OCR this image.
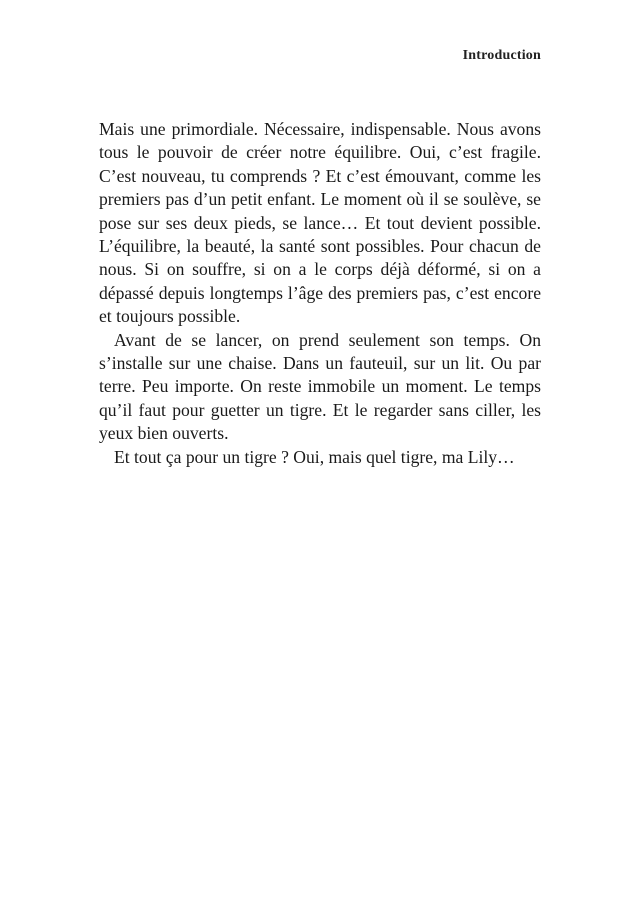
Introduction

Mais une primordiale. Nécessaire, indispensable. Nous avons tous le pouvoir de créer notre équilibre. Oui, c’est fragile. C’est nouveau, tu comprends ? Et c’est émouvant, comme les premiers pas d’un petit enfant. Le moment où il se soulève, se pose sur ses deux pieds, se lance… Et tout devient possible. L’équilibre, la beauté, la santé sont possibles. Pour chacun de nous. Si on souffre, si on a le corps déjà déformé, si on a dépassé depuis longtemps l’âge des premiers pas, c’est encore et toujours possible.

Avant de se lancer, on prend seulement son temps. On s’installe sur une chaise. Dans un fauteuil, sur un lit. Ou par terre. Peu importe. On reste immobile un moment. Le temps qu’il faut pour guetter un tigre. Et le regarder sans ciller, les yeux bien ouverts.

Et tout ça pour un tigre ? Oui, mais quel tigre, ma Lily…
